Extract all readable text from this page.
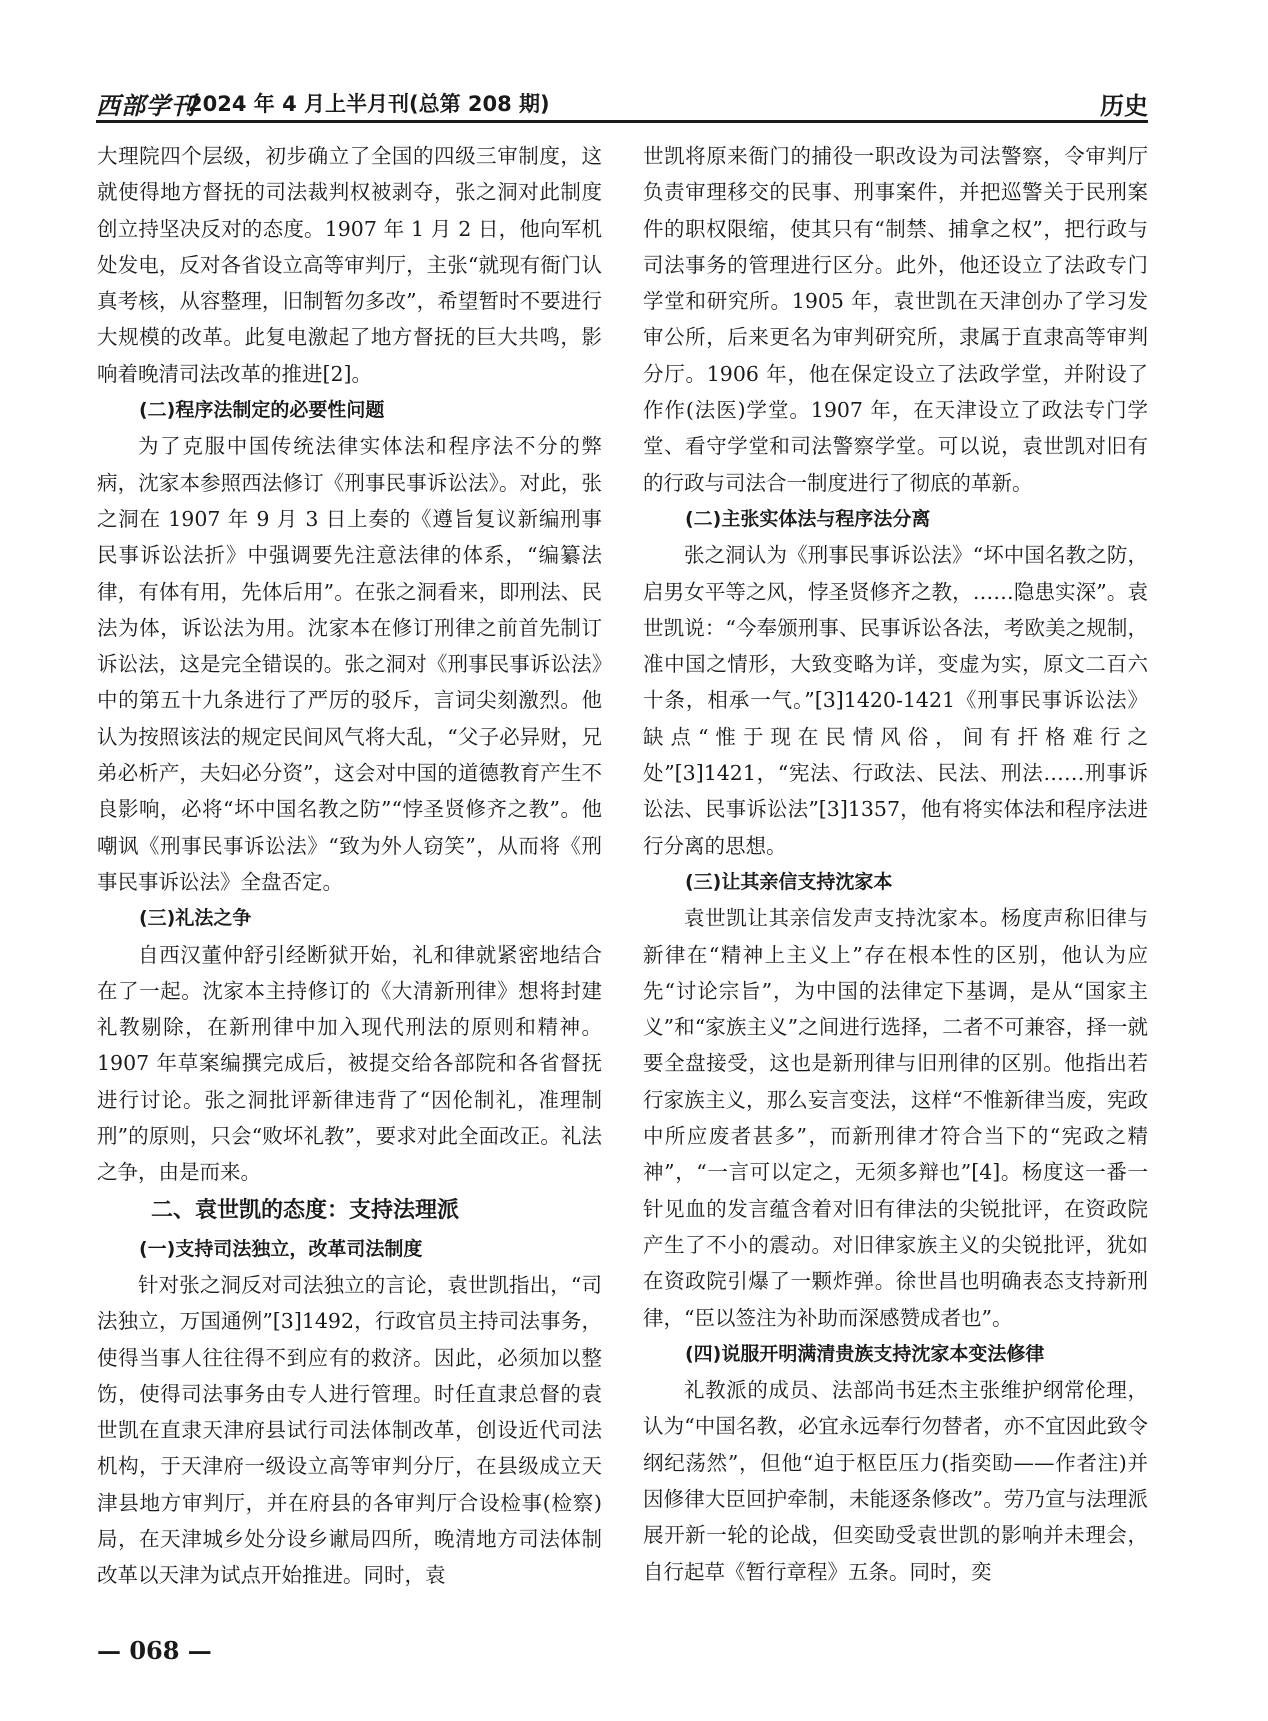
西部学刊
2024 年 4 月上半月刊(总第 208 期)	历史

大理院四个层级，初步确立了全国的四级三审制度，这就使得地方督抚的司法裁判权被剥夺，张之洞对此制度创立持坚决反对的态度。1907 年 1 月 2 日，他向军机处发电，反对各省设立高等审判厅，主张“就现有衙门认真考核，从容整理，旧制暂勿多改”，希望暂时不要进行大规模的改革。此复电激起了地方督抚的巨大共鸣，影响着晚清司法改革的推进[2]。

(二)程序法制定的必要性问题

为了克服中国传统法律实体法和程序法不分的弊病，沈家本参照西法修订《刑事民事诉讼法》。对此，张之洞在 1907 年 9 月 3 日上奏的《遵旨复议新编刑事民事诉讼法折》中强调要先注意法律的体系，“编纂法律，有体有用，先体后用”。在张之洞看来，即刑法、民法为体，诉讼法为用。沈家本在修订刑律之前首先制订诉讼法，这是完全错误的。张之洞对《刑事民事诉讼法》中的第五十九条进行了严厉的驳斥，言词尖刻激烈。他认为按照该法的规定民间风气将大乱，“父子必异财，兄弟必析产，夫妇必分资”，这会对中国的道德教育产生不良影响，必将“坏中国名教之防”“悖圣贤修齐之教”。他嘲讽《刑事民事诉讼法》“致为外人窃笑”，从而将《刑事民事诉讼法》全盘否定。

(三)礼法之争

自西汉董仲舒引经断狱开始，礼和律就紧密地结合在了一起。沈家本主持修订的《大清新刑律》想将封建礼教剔除，在新刑律中加入现代刑法的原则和精神。1907 年草案编撰完成后，被提交给各部院和各省督抚进行讨论。张之洞批评新律违背了“因伦制礼，准理制刑”的原则，只会“败坏礼教”，要求对此全面改正。礼法之争，由是而来。

二、袁世凯的态度：支持法理派
(一)支持司法独立，改革司法制度

针对张之洞反对司法独立的言论，袁世凯指出，“司法独立，万国通例”[3]1492，行政官员主持司法事务，使得当事人往往得不到应有的救济。因此，必须加以整饬，使得司法事务由专人进行管理。时任直隶总督的袁世凯在直隶天津府县试行司法体制改革，创设近代司法机构，于天津府一级设立高等审判分厅，在县级成立天津县地方审判厅，并在府县的各审判厅合设检事(检察)局，在天津城乡处分设乡谳局四所，晚清地方司法体制改革以天津为试点开始推进。同时，袁

世凯将原来衙门的捕役一职改设为司法警察，令审判厅负责审理移交的民事、刑事案件，并把巡警关于民刑案件的职权限缩，使其只有“制禁、捕拿之权”，把行政与司法事务的管理进行区分。此外，他还设立了法政专门学堂和研究所。1905 年，袁世凯在天津创办了学习发审公所，后来更名为审判研究所，隶属于直隶高等审判分厅。1906 年，他在保定设立了法政学堂，并附设了作作(法医)学堂。1907 年，在天津设立了政法专门学堂、看守学堂和司法警察学堂。可以说，袁世凯对旧有的行政与司法合一制度进行了彻底的革新。

(二)主张实体法与程序法分离

张之洞认为《刑事民事诉讼法》“坏中国名教之防，启男女平等之风，悖圣贤修齐之教，……隐患实深”。袁世凯说：“今奉颁刑事、民事诉讼各法，考欧美之规制，准中国之情形，大致变略为详，变虚为实，原文二百六十条，相承一气。”[3]1420-1421《刑事民事诉讼法》缺点“惟于现在民情风俗，间有扞格难行之处”[3]1421，“宪法、行政法、民法、刑法……刑事诉讼法、民事诉讼法”[3]1357，他有将实体法和程序法进行分离的思想。

(三)让其亲信支持沈家本

袁世凯让其亲信发声支持沈家本。杨度声称旧律与新律在“精神上主义上”存在根本性的区别，他认为应先“讨论宗旨”，为中国的法律定下基调，是从“国家主义”和“家族主义”之间进行选择，二者不可兼容，择一就要全盘接受，这也是新刑律与旧刑律的区别。他指出若行家族主义，那么妄言变法，这样“不惟新律当废，宪政中所应废者甚多”，而新刑律才符合当下的“宪政之精神”，“一言可以定之，无须多辩也”[4]。杨度这一番一针见血的发言蕴含着对旧有律法的尖锐批评，在资政院产生了不小的震动。对旧律家族主义的尖锐批评，犹如在资政院引爆了一颗炸弹。徐世昌也明确表态支持新刑律，“臣以签注为补助而深感赞成者也”。

(四)说服开明满清贵族支持沈家本变法修律

礼教派的成员、法部尚书廷杰主张维护纲常伦理，认为“中国名教，必宜永远奉行勿替者，亦不宜因此致令纲纪荡然”，但他“迫于枢臣压力(指奕劻——作者注)并因修律大臣回护牵制，未能逐条修改”。劳乃宣与法理派展开新一轮的论战，但奕劻受袁世凯的影响并未理会，自行起草《暂行章程》五条。同时，奕

— 068 —
